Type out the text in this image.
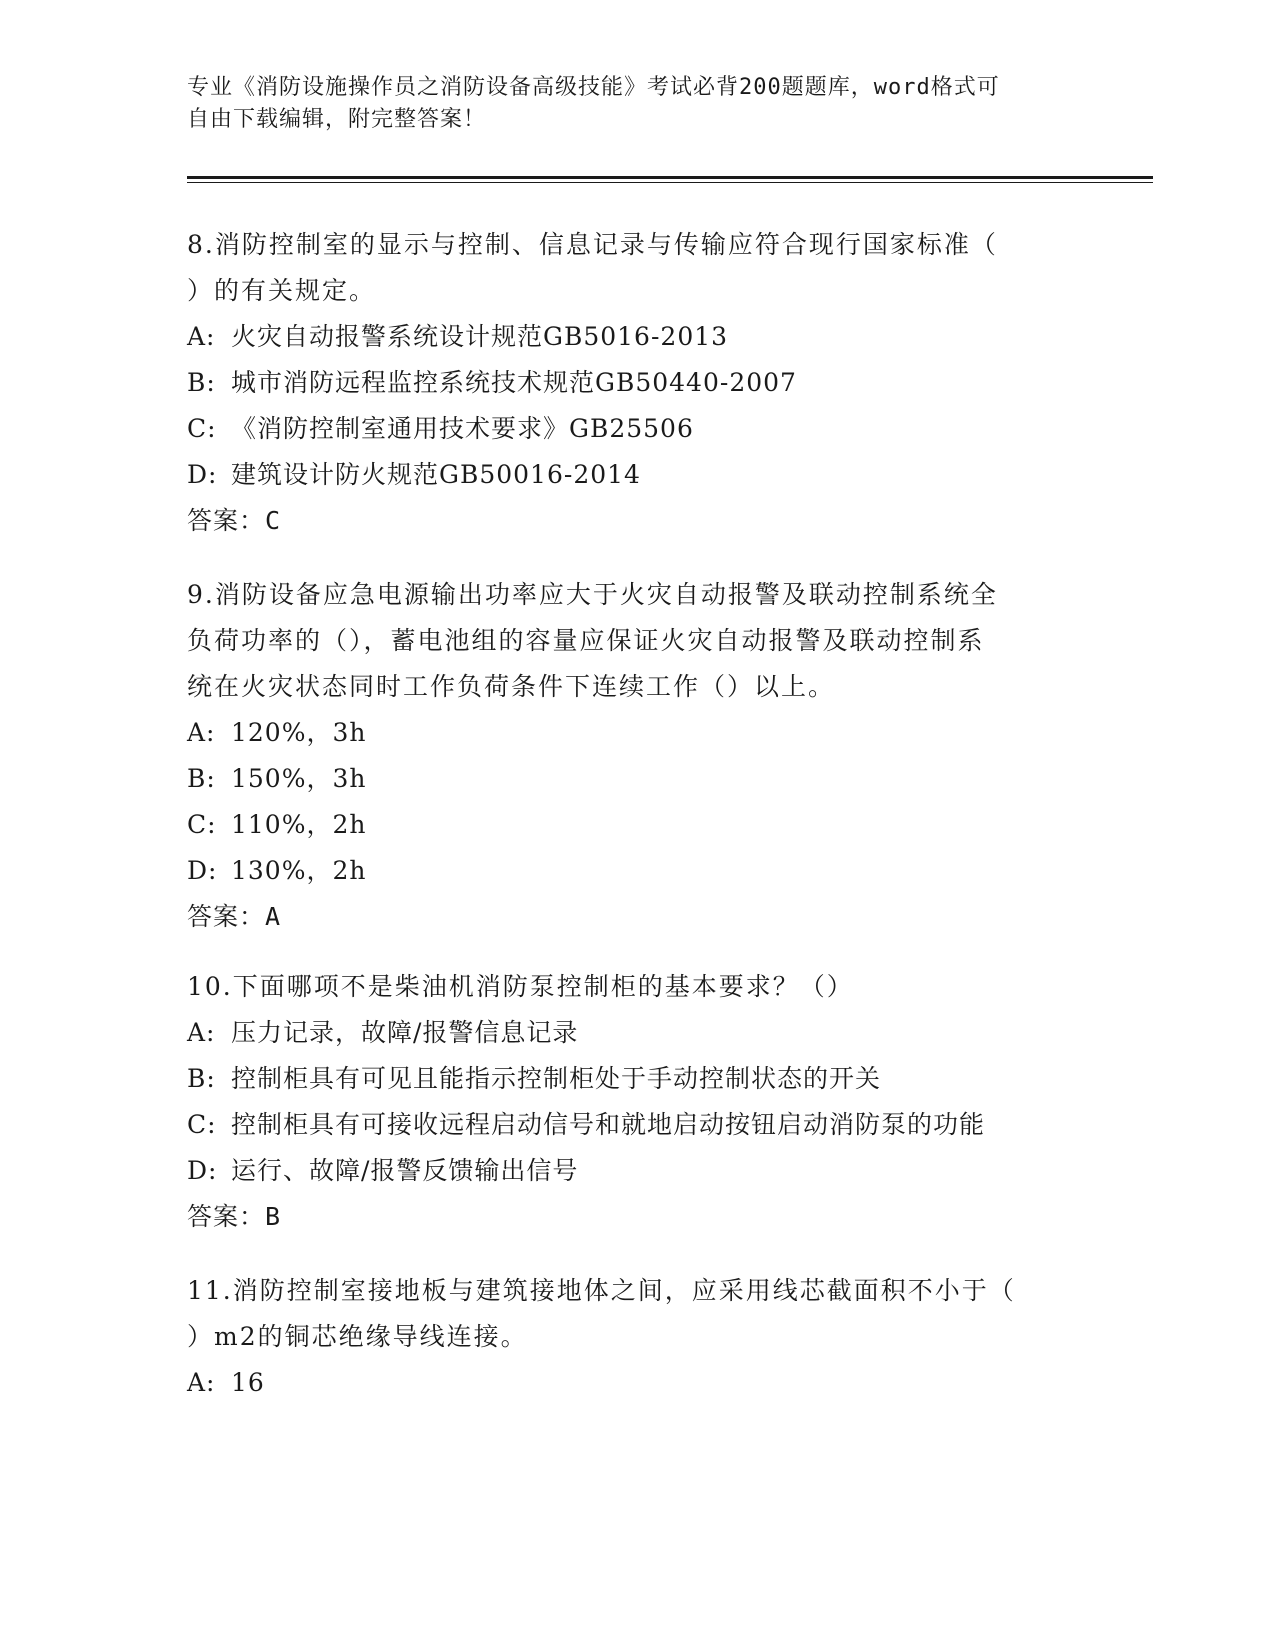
专业《消防设施操作员之消防设备高级技能》考试必背200题题库，word格式可
自由下载编辑，附完整答案！

8.消防控制室的显示与控制、信息记录与传输应符合现行国家标准（

）的有关规定。

A: 火灾自动报警系统设计规范GB5016-2013

B: 城市消防远程监控系统技术规范GB50440-2007

C: 《消防控制室通用技术要求》GB25506

D: 建筑设计防火规范GB50016-2014

答案：C

9.消防设备应急电源输出功率应大于火灾自动报警及联动控制系统全

负荷功率的（），蓄电池组的容量应保证火灾自动报警及联动控制系

统在火灾状态同时工作负荷条件下连续工作（）以上。

A: 120%，3h

B: 150%，3h

C: 110%，2h

D: 130%，2h

答案：A

10.下面哪项不是柴油机消防泵控制柜的基本要求？（）

A: 压力记录，故障/报警信息记录

B: 控制柜具有可见且能指示控制柜处于手动控制状态的开关

C: 控制柜具有可接收远程启动信号和就地启动按钮启动消防泵的功能

D: 运行、故障/报警反馈输出信号

答案：B

11.消防控制室接地板与建筑接地体之间，应采用线芯截面积不小于（

）m2的铜芯绝缘导线连接。

A: 16
